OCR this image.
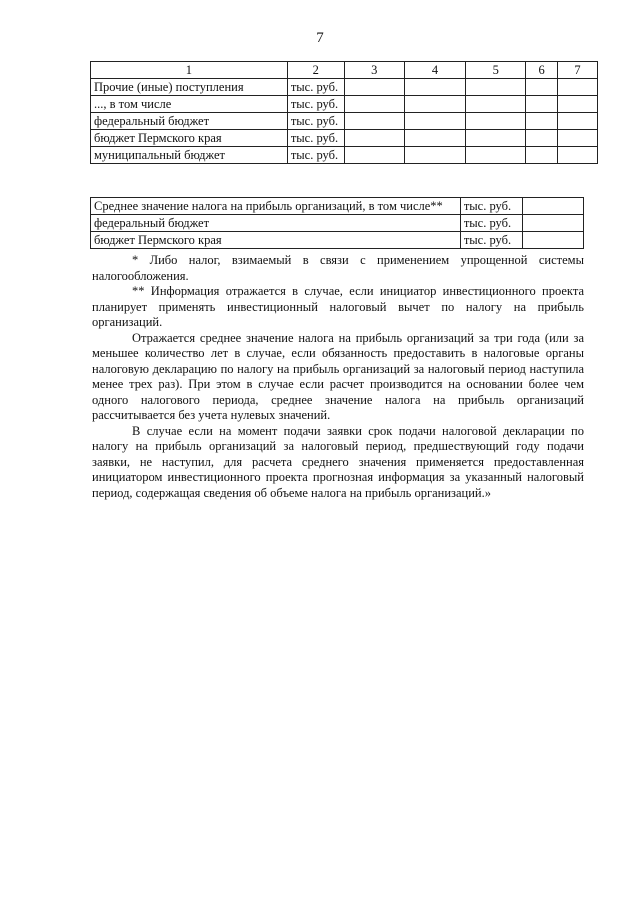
7
1	2	3	4	5	6	7
Прочие (иные) поступления	тыс. руб.					
..., в том числе	тыс. руб.					
федеральный бюджет	тыс. руб.					
бюджет Пермского края	тыс. руб.					
муниципальный бюджет	тыс. руб.					
Среднее значение налога на прибыль организаций, в том числе**	тыс. руб.	
федеральный бюджет	тыс. руб.	
бюджет Пермского края	тыс. руб.	

* Либо налог, взимаемый в связи с применением упрощенной системы налогообложения.

** Информация отражается в случае, если инициатор инвестиционного проекта планирует применять инвестиционный налоговый вычет по налогу на прибыль организаций.

Отражается среднее значение налога на прибыль организаций за три года (или за меньшее количество лет в случае, если обязанность предоставить в налоговые органы налоговую декларацию по налогу на прибыль организаций за налоговый период наступила менее трех раз). При этом в случае если расчет производится на основании более чем одного налогового периода, среднее значение налога на прибыль организаций рассчитывается без учета нулевых значений.

В случае если на момент подачи заявки срок подачи налоговой декларации по налогу на прибыль организаций за налоговый период, предшествующий году подачи заявки, не наступил, для расчета среднего значения применяется предоставленная инициатором инвестиционного проекта прогнозная информация за указанный налоговый период, содержащая сведения об объеме налога на прибыль организаций.»
